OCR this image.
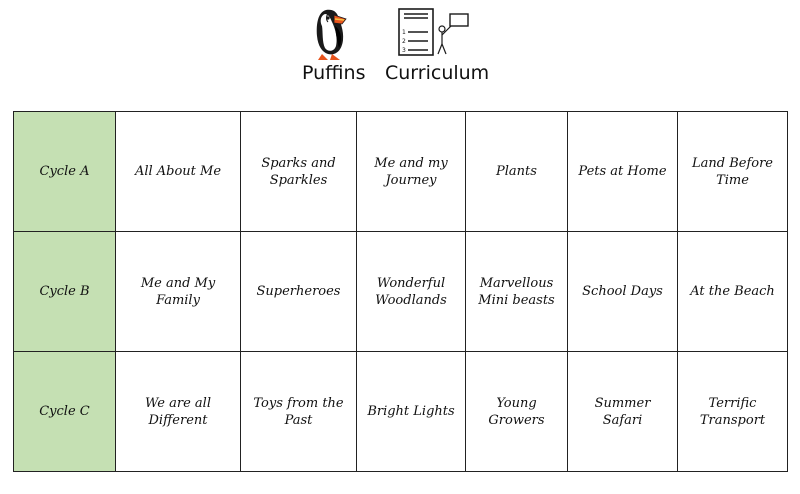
1
2
3
Puffins Curriculum
Cycle A	All About Me	Sparks and Sparkles	Me and my Journey	Plants	Pets at Home	Land Before Time
Cycle B	Me and My Family	Superheroes	Wonderful Woodlands	Marvellous Mini beasts	School Days	At the Beach
Cycle C	We are all Different	Toys from the Past	Bright Lights	Young Growers	Summer Safari	Terrific Transport
